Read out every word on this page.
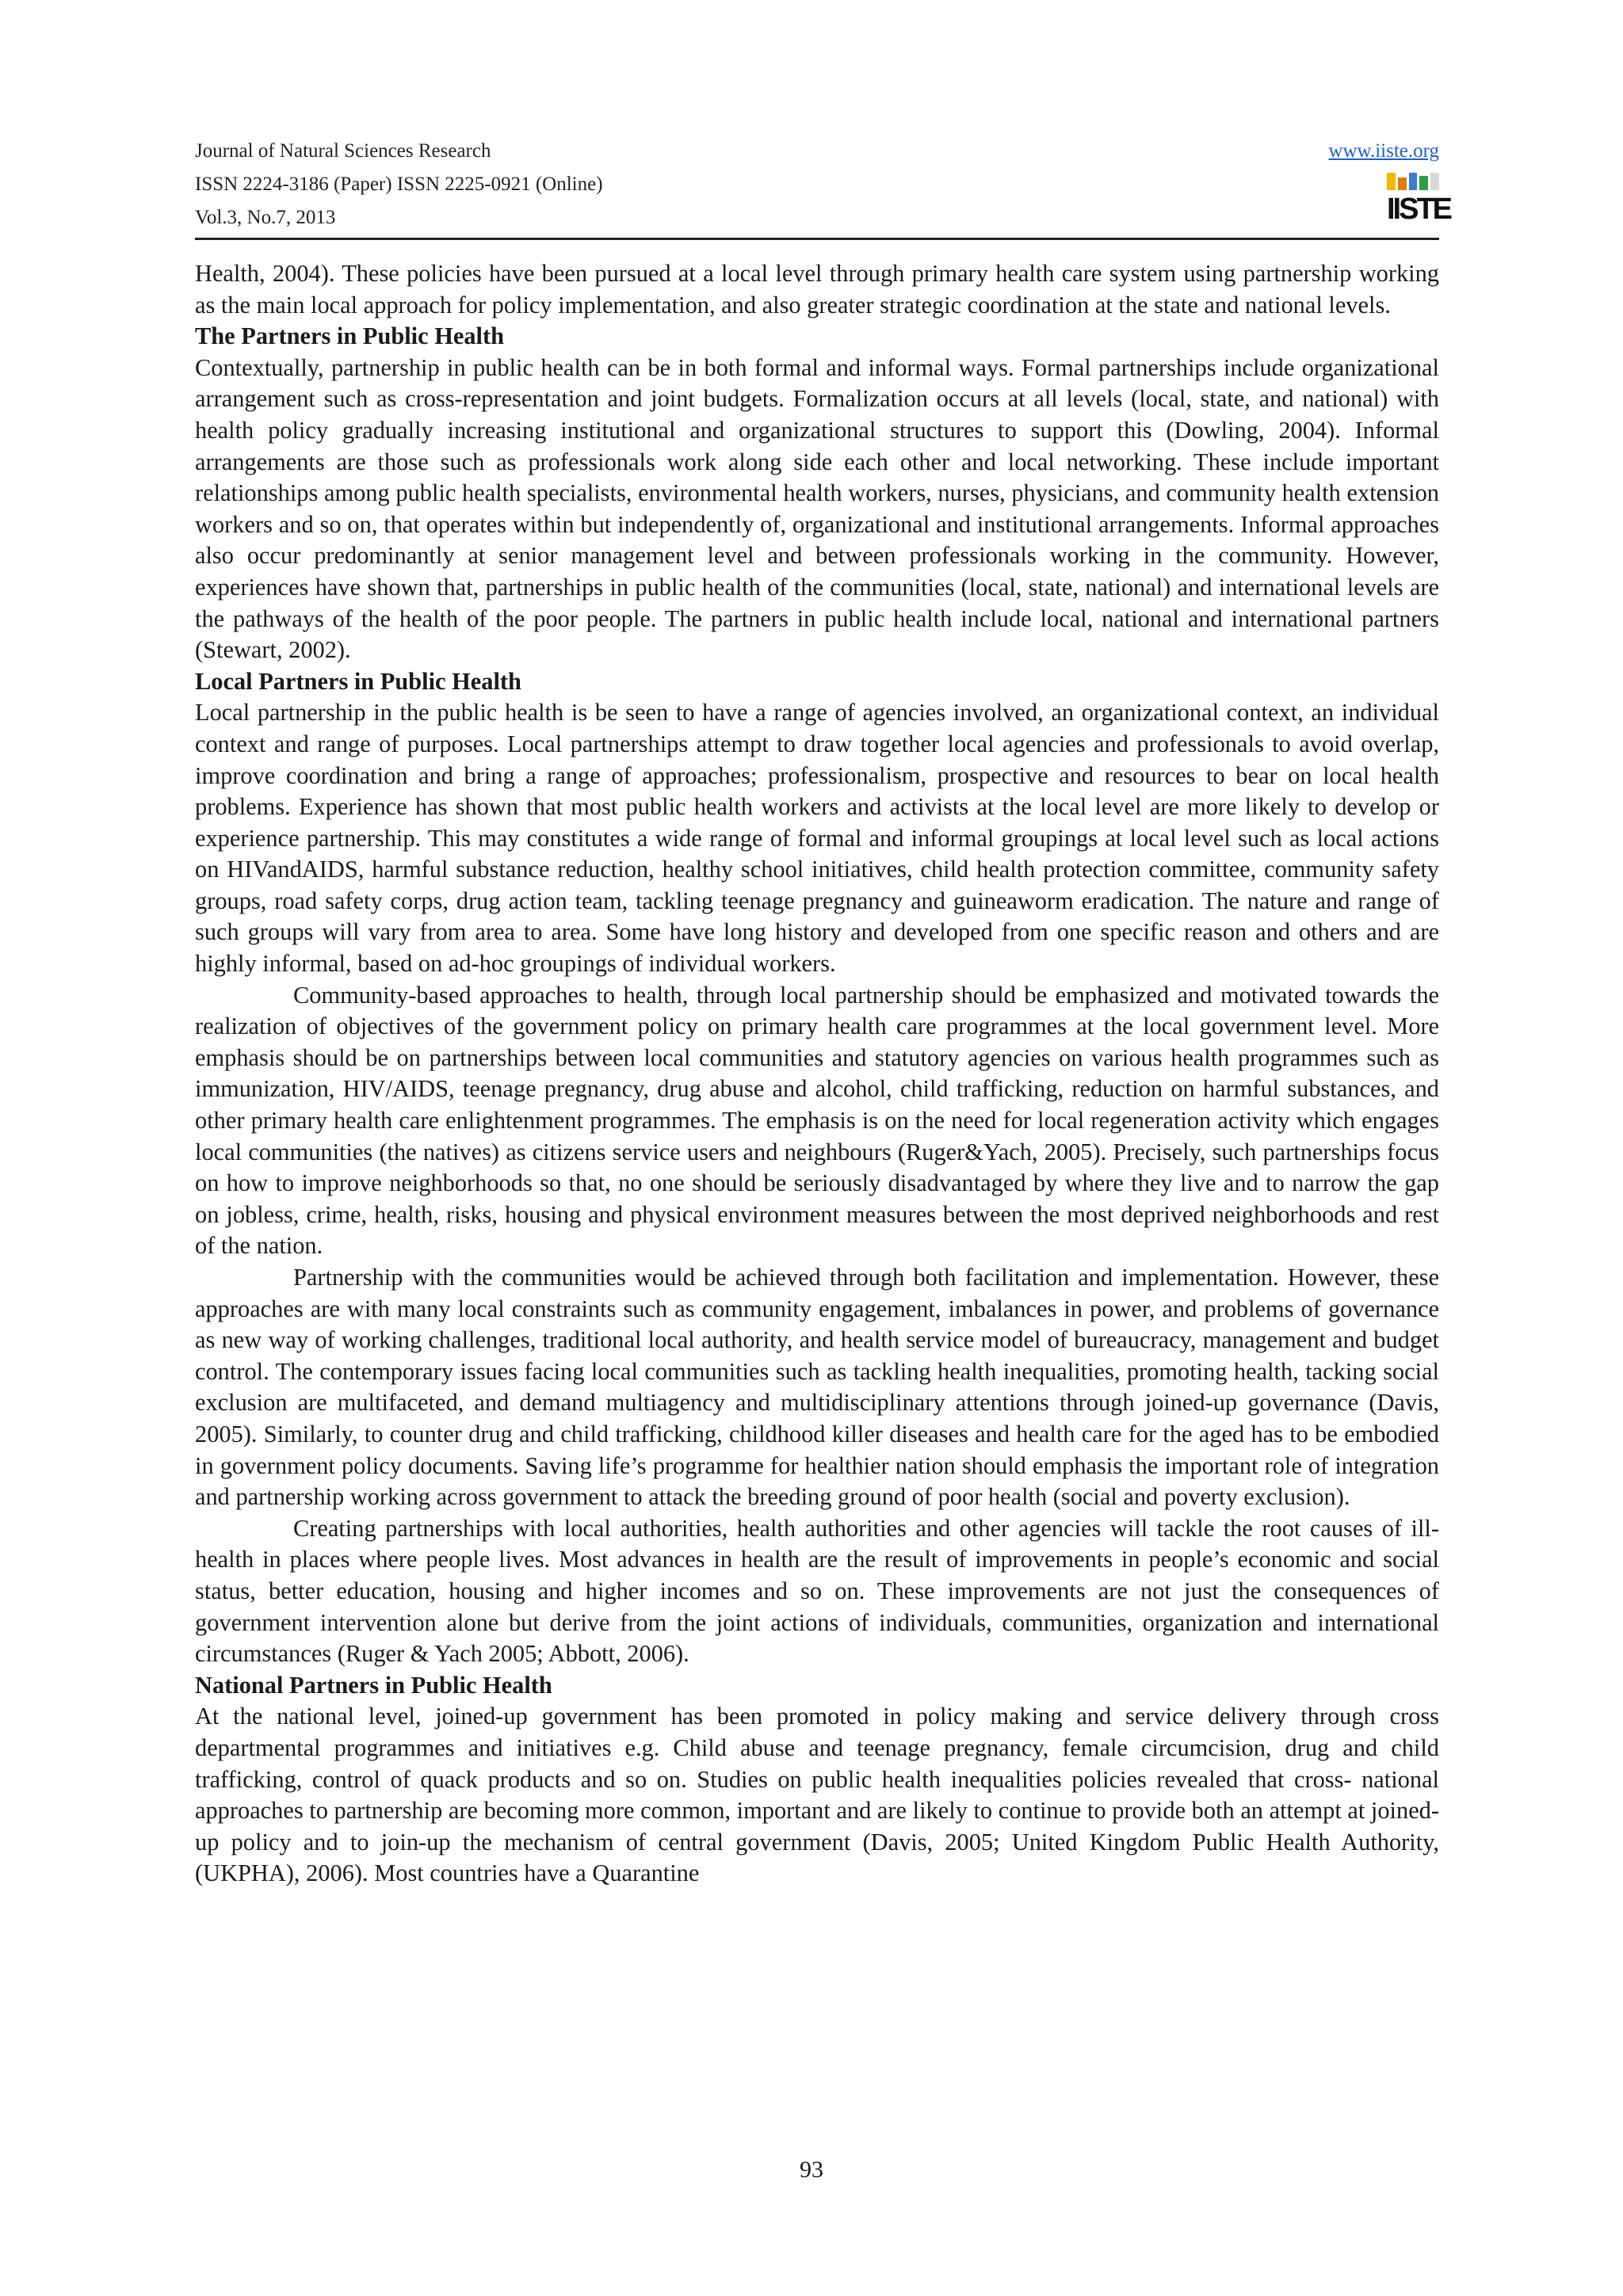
Journal of Natural Sciences Research
ISSN 2224-3186 (Paper) ISSN 2225-0921 (Online)
Vol.3, No.7, 2013
www.iiste.org
IISTE

Health, 2004). These policies have been pursued at a local level through primary health care system using partnership working as the main local approach for policy implementation, and also greater strategic coordination at the state and national levels.

The Partners in Public Health

Contextually, partnership in public health can be in both formal and informal ways. Formal partnerships include organizational arrangement such as cross-representation and joint budgets. Formalization occurs at all levels (local, state, and national) with health policy gradually increasing institutional and organizational structures to support this (Dowling, 2004). Informal arrangements are those such as professionals work along side each other and local networking. These include important relationships among public health specialists, environmental health workers, nurses, physicians, and community health extension workers and so on, that operates within but independently of, organizational and institutional arrangements. Informal approaches also occur predominantly at senior management level and between professionals working in the community. However, experiences have shown that, partnerships in public health of the communities (local, state, national) and international levels are the pathways of the health of the poor people. The partners in public health include local, national and international partners (Stewart, 2002).

Local Partners in Public Health

Local partnership in the public health is be seen to have a range of agencies involved, an organizational context, an individual context and range of purposes. Local partnerships attempt to draw together local agencies and professionals to avoid overlap, improve coordination and bring a range of approaches; professionalism, prospective and resources to bear on local health problems. Experience has shown that most public health workers and activists at the local level are more likely to develop or experience partnership. This may constitutes a wide range of formal and informal groupings at local level such as local actions on HIVandAIDS, harmful substance reduction, healthy school initiatives, child health protection committee, community safety groups, road safety corps, drug action team, tackling teenage pregnancy and guineaworm eradication. The nature and range of such groups will vary from area to area. Some have long history and developed from one specific reason and others and are highly informal, based on ad-hoc groupings of individual workers.

Community-based approaches to health, through local partnership should be emphasized and motivated towards the realization of objectives of the government policy on primary health care programmes at the local government level. More emphasis should be on partnerships between local communities and statutory agencies on various health programmes such as immunization, HIV/AIDS, teenage pregnancy, drug abuse and alcohol, child trafficking, reduction on harmful substances, and other primary health care enlightenment programmes. The emphasis is on the need for local regeneration activity which engages local communities (the natives) as citizens service users and neighbours (Ruger&Yach, 2005). Precisely, such partnerships focus on how to improve neighborhoods so that, no one should be seriously disadvantaged by where they live and to narrow the gap on jobless, crime, health, risks, housing and physical environment measures between the most deprived neighborhoods and rest of the nation.

Partnership with the communities would be achieved through both facilitation and implementation. However, these approaches are with many local constraints such as community engagement, imbalances in power, and problems of governance as new way of working challenges, traditional local authority, and health service model of bureaucracy, management and budget control. The contemporary issues facing local communities such as tackling health inequalities, promoting health, tacking social exclusion are multifaceted, and demand multiagency and multidisciplinary attentions through joined-up governance (Davis, 2005). Similarly, to counter drug and child trafficking, childhood killer diseases and health care for the aged has to be embodied in government policy documents. Saving life’s programme for healthier nation should emphasis the important role of integration and partnership working across government to attack the breeding ground of poor health (social and poverty exclusion).

Creating partnerships with local authorities, health authorities and other agencies will tackle the root causes of ill-health in places where people lives. Most advances in health are the result of improvements in people’s economic and social status, better education, housing and higher incomes and so on. These improvements are not just the consequences of government intervention alone but derive from the joint actions of individuals, communities, organization and international circumstances (Ruger & Yach 2005; Abbott, 2006).

National Partners in Public Health

At the national level, joined-up government has been promoted in policy making and service delivery through cross departmental programmes and initiatives e.g. Child abuse and teenage pregnancy, female circumcision, drug and child trafficking, control of quack products and so on. Studies on public health inequalities policies revealed that cross- national approaches to partnership are becoming more common, important and are likely to continue to provide both an attempt at joined-up policy and to join-up the mechanism of central government (Davis, 2005; United Kingdom Public Health Authority, (UKPHA), 2006). Most countries have a Quarantine

93
